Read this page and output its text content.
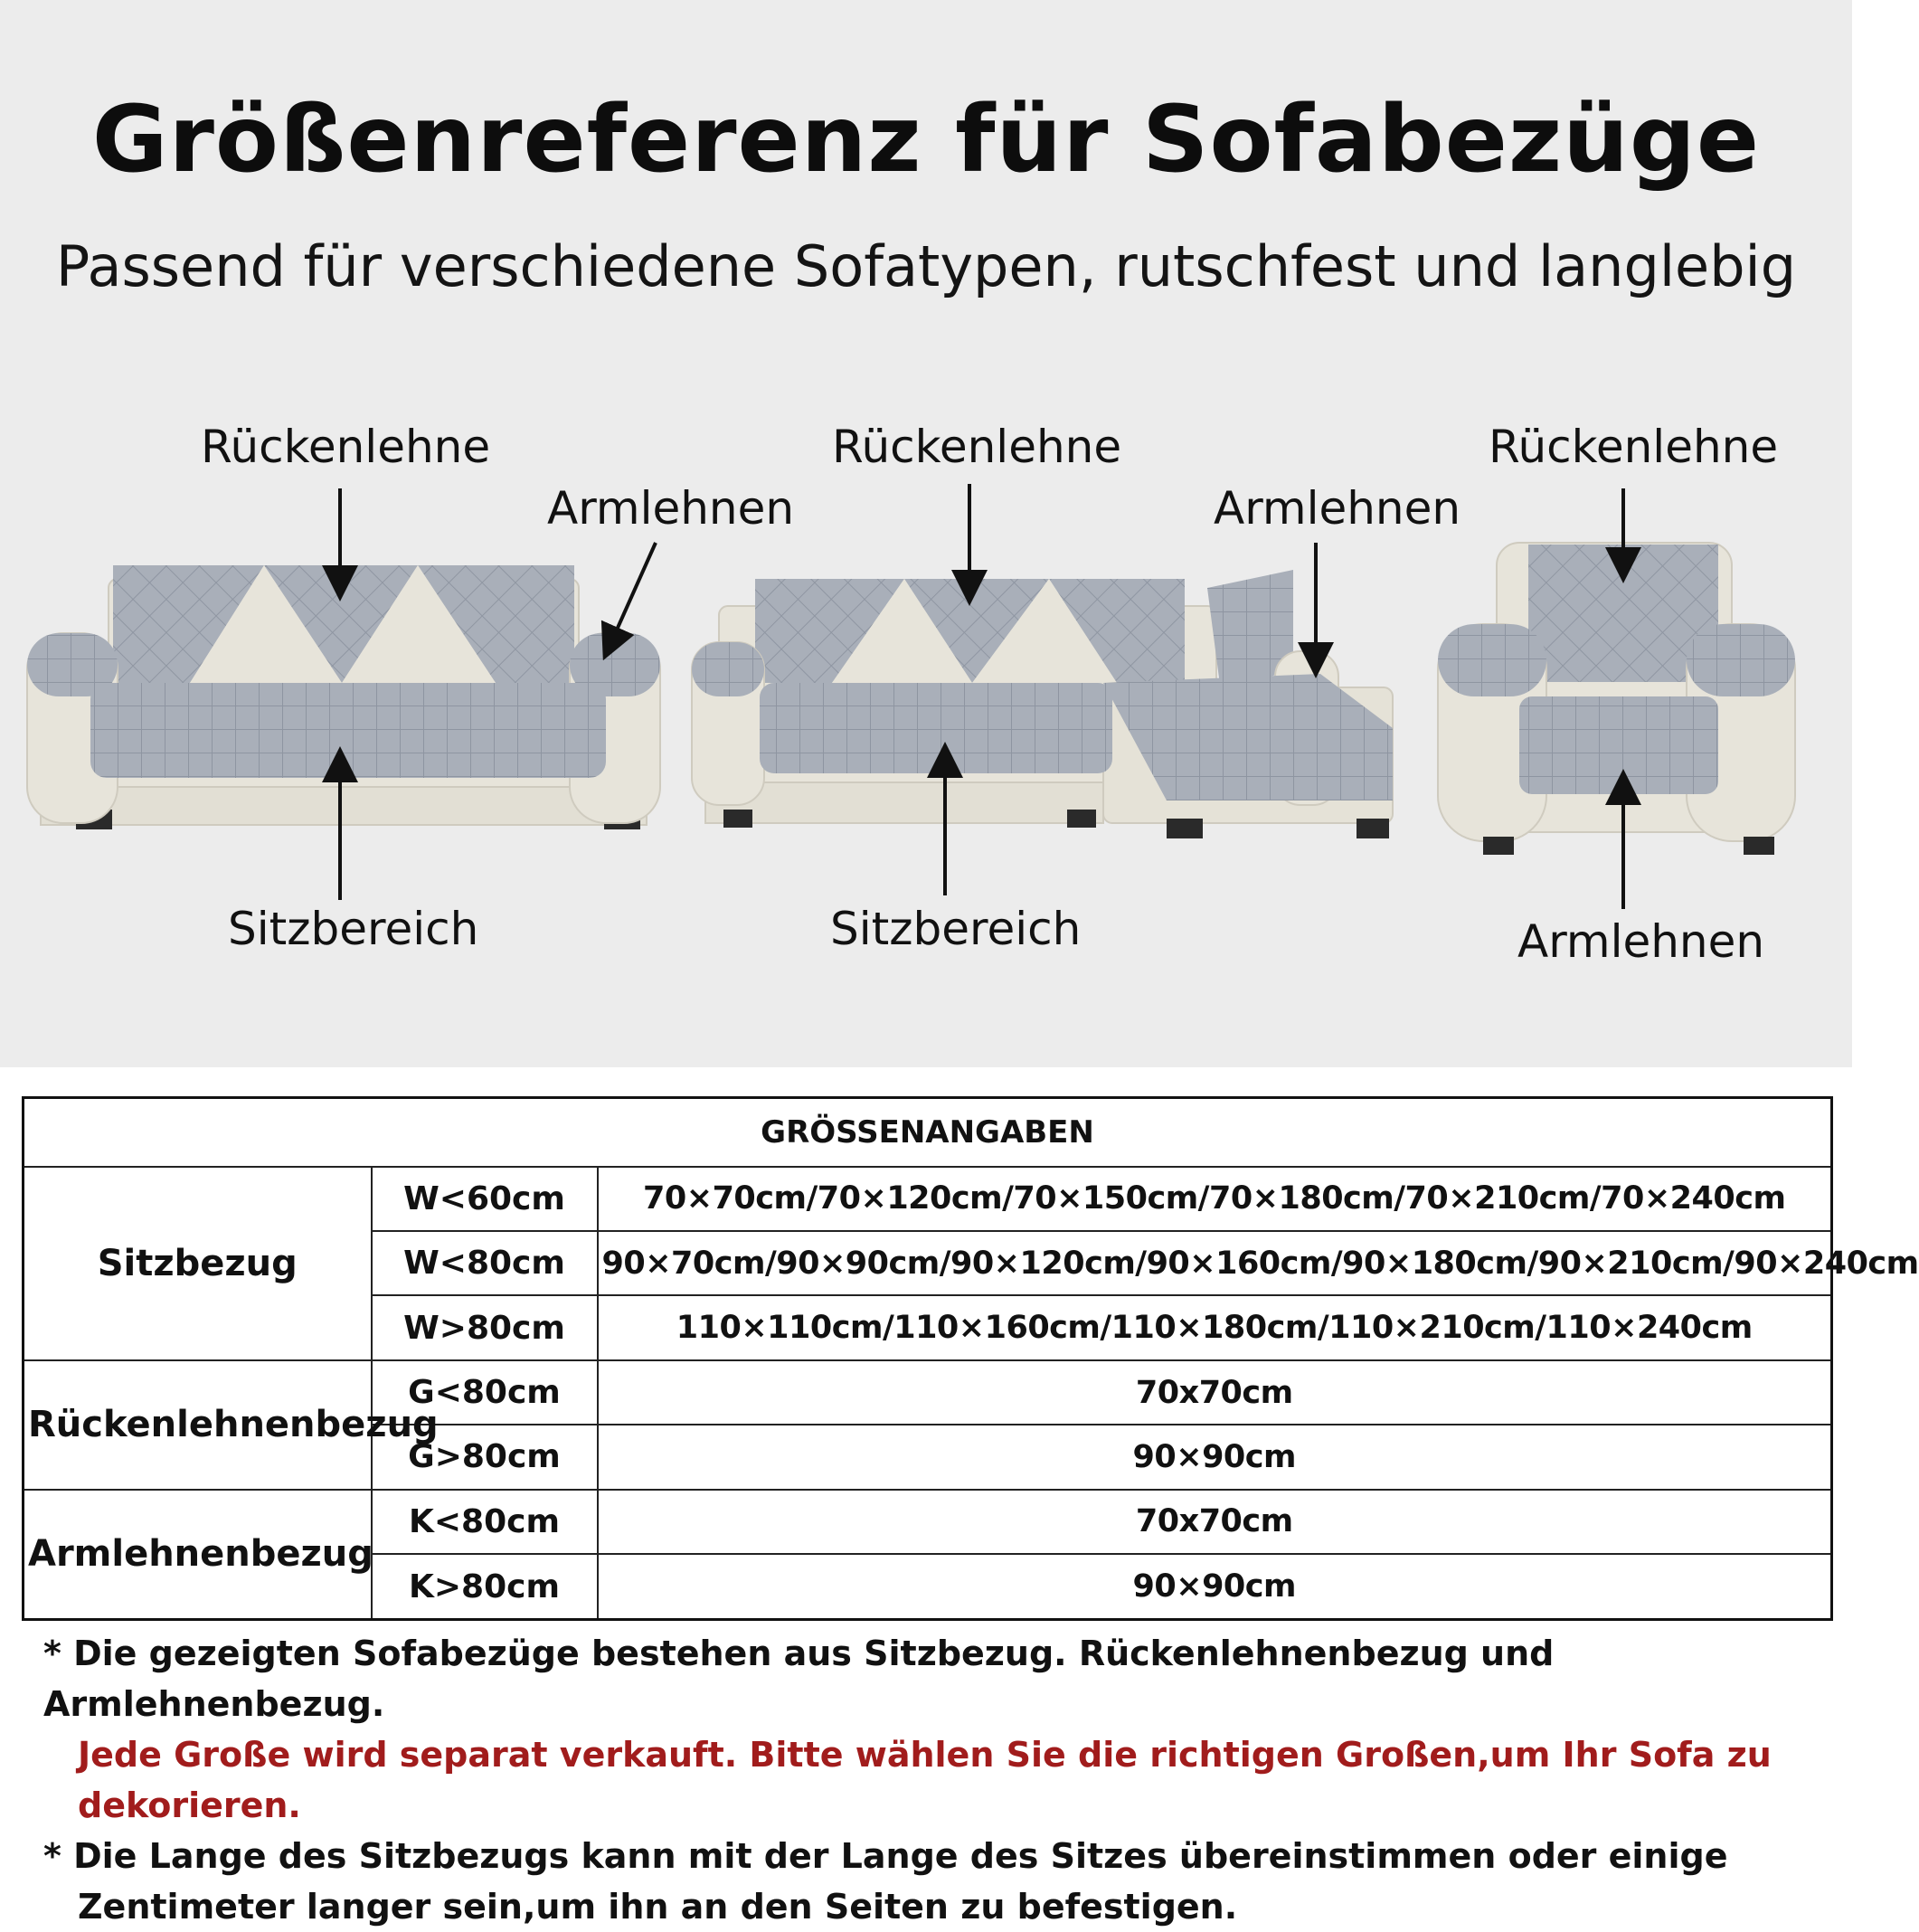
Größenreferenz für Sofabezüge
Passend für verschiedene Sofatypen, rutschfest und langlebig
Rückenlehne
Armlehnen
Sitzbereich
Rückenlehne
Armlehnen
Sitzbereich
Rückenlehne
Armlehnen
GRÖSSENANGABEN		
Sitzbezug	W<60cm	70×70cm/70×120cm/70×150cm/70×180cm/70×210cm/70×240cm
	W<80cm	90×70cm/90×90cm/90×120cm/90×160cm/90×180cm/90×210cm/90×240cm
	W>80cm	110×110cm/110×160cm/110×180cm/110×210cm/110×240cm
Rückenlehnenbezug	G<80cm	70x70cm
	G>80cm	90×90cm
Armlehnenbezug	K<80cm	70x70cm
	K>80cm	90×90cm
* Die gezeigten Sofabezüge bestehen aus Sitzbezug. Rückenlehnenbezug und Armlehnenbezug.
Jede Große wird separat verkauft. Bitte wählen Sie die richtigen Großen,um Ihr Sofa zu dekorieren.
* Die Lange des Sitzbezugs kann mit der Lange des Sitzes übereinstimmen oder einige
Zentimeter langer sein,um ihn an den Seiten zu befestigen.
